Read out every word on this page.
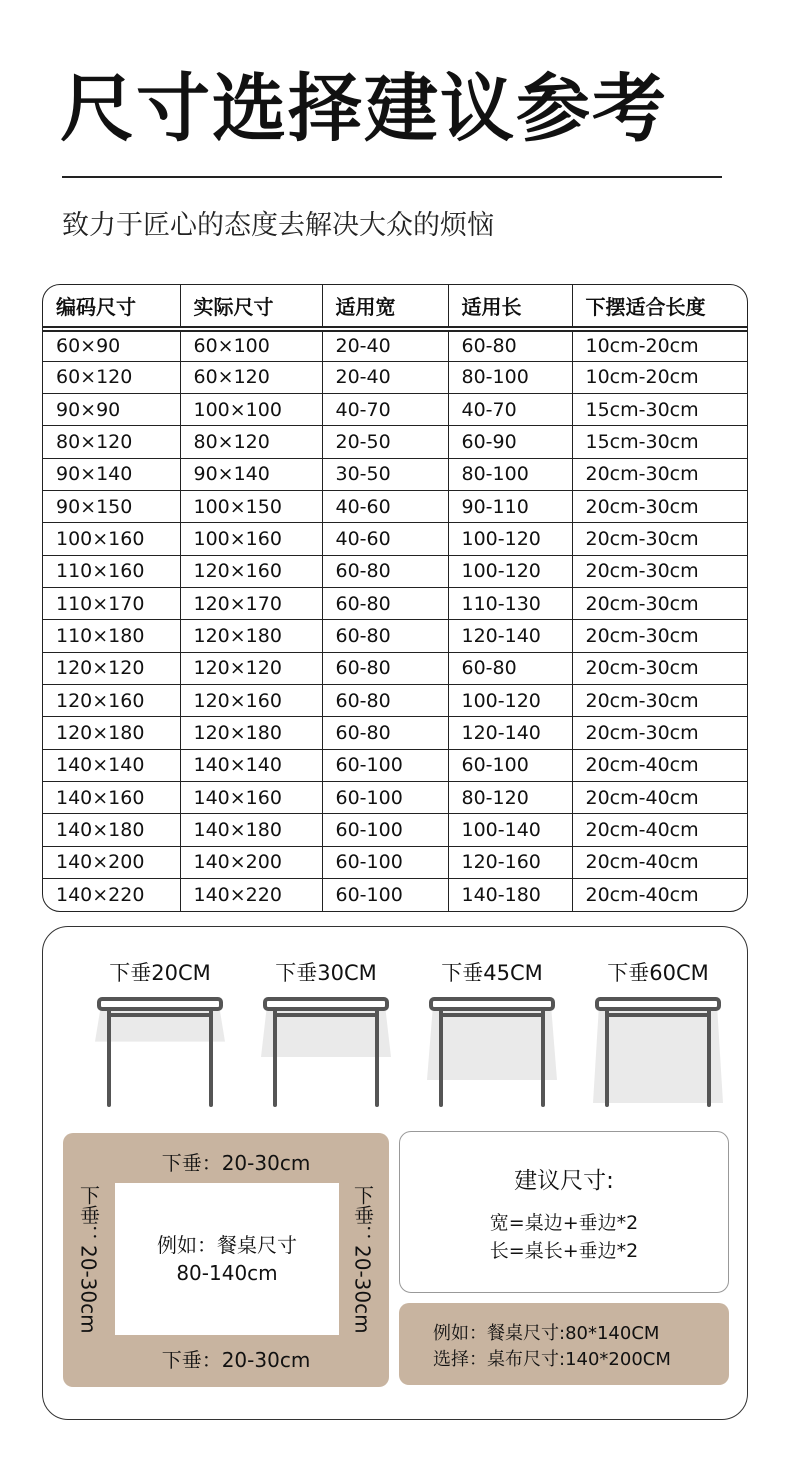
尺寸选择建议参考
致力于匠心的态度去解决大众的烦恼
编码尺寸	实际尺寸	适用宽	适用长	下摆适合长度
60×90	60×100	20-40	60-80	10cm-20cm
60×120	60×120	20-40	80-100	10cm-20cm
90×90	100×100	40-70	40-70	15cm-30cm
80×120	80×120	20-50	60-90	15cm-30cm
90×140	90×140	30-50	80-100	20cm-30cm
90×150	100×150	40-60	90-110	20cm-30cm
100×160	100×160	40-60	100-120	20cm-30cm
110×160	120×160	60-80	100-120	20cm-30cm
110×170	120×170	60-80	110-130	20cm-30cm
110×180	120×180	60-80	120-140	20cm-30cm
120×120	120×120	60-80	60-80	20cm-30cm
120×160	120×160	60-80	100-120	20cm-30cm
120×180	120×180	60-80	120-140	20cm-30cm
140×140	140×140	60-100	60-100	20cm-40cm
140×160	140×160	60-100	80-120	20cm-40cm
140×180	140×180	60-100	100-140	20cm-40cm
140×200	140×200	60-100	120-160	20cm-40cm
140×220	140×220	60-100	140-180	20cm-40cm
下垂20CM	下垂30CM	下垂45CM	下垂60CM
下垂：20-30cm
下垂：20-30cm	例如：餐桌尺寸
80-140cm	下垂：20-30cm
下垂：20-30cm
建议尺寸:
宽=桌边+垂边*2
长=桌长+垂边*2
例如：餐桌尺寸:80*140CM
选择：桌布尺寸:140*200CM
